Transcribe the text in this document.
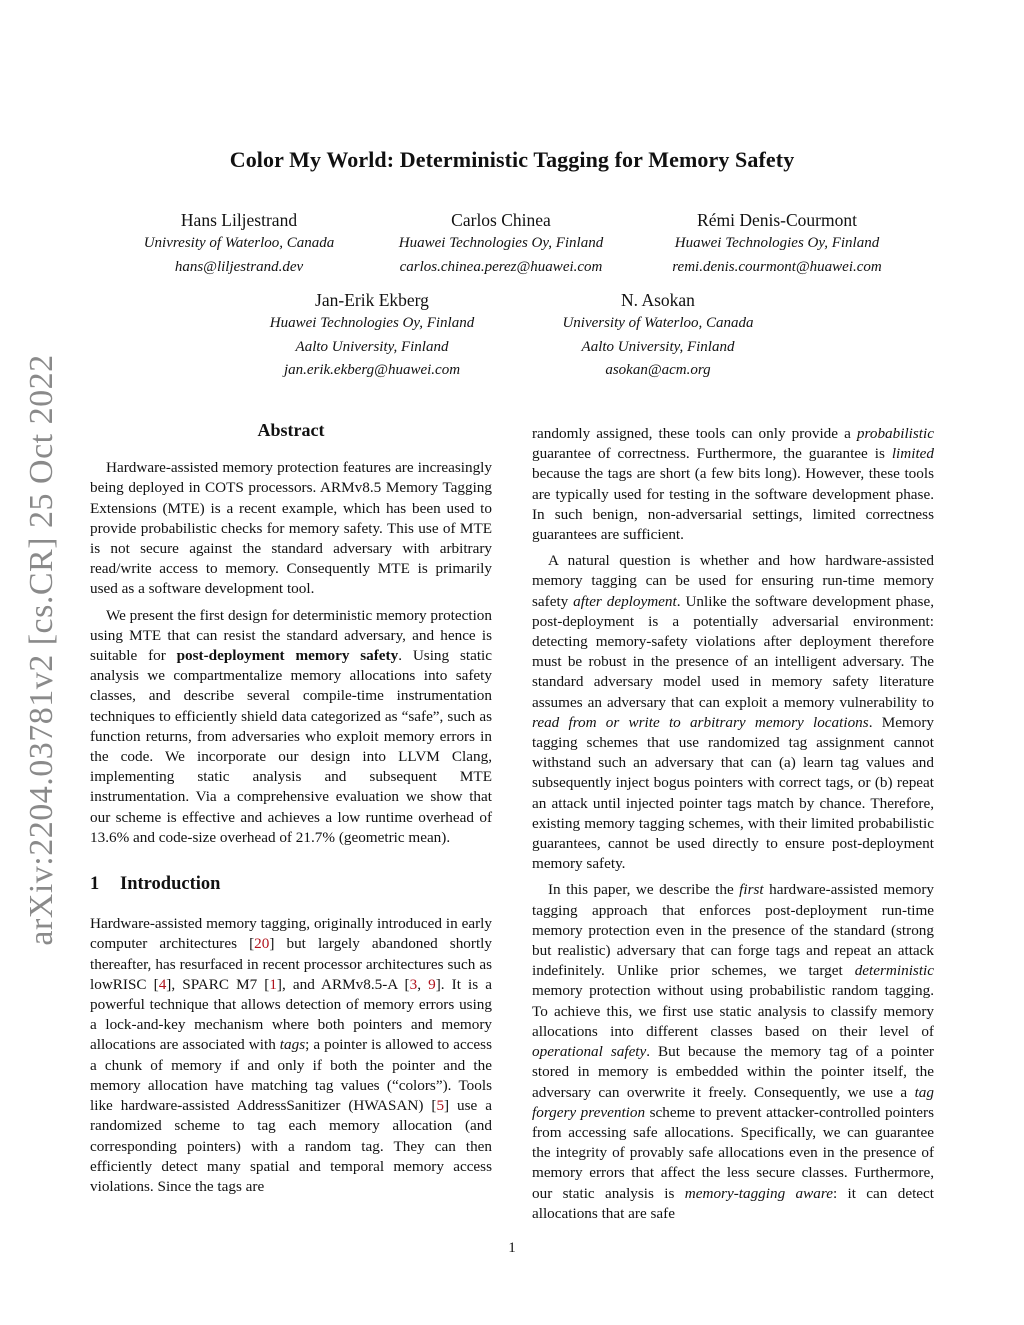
Color My World: Deterministic Tagging for Memory Safety
Hans Liljestrand
Univresity of Waterloo, Canada
hans@liljestrand.dev
Carlos Chinea
Huawei Technologies Oy, Finland
carlos.chinea.perez@huawei.com
Rémi Denis-Courmont
Huawei Technologies Oy, Finland
remi.denis.courmont@huawei.com
Jan-Erik Ekberg
Huawei Technologies Oy, Finland
Aalto University, Finland
jan.erik.ekberg@huawei.com
N. Asokan
University of Waterloo, Canada
Aalto University, Finland
asokan@acm.org
arXiv:2204.03781v2 [cs.CR] 25 Oct 2022	Abstract

Hardware-assisted memory protection features are increasingly being deployed in COTS processors. ARMv8.5 Memory Tagging Extensions (MTE) is a recent example, which has been used to provide probabilistic checks for memory safety. This use of MTE is not secure against the standard adversary with arbitrary read/write access to memory. Consequently MTE is primarily used as a software development tool.

We present the first design for deterministic memory protection using MTE that can resist the standard adversary, and hence is suitable for post-deployment memory safety. Using static analysis we compartmentalize memory allocations into safety classes, and describe several compile-time instrumentation techniques to efficiently shield data categorized as “safe”, such as function returns, from adversaries who exploit memory errors in the code. We incorporate our design into LLVM Clang, implementing static analysis and subsequent MTE instrumentation. Via a comprehensive evaluation we show that our scheme is effective and achieves a low runtime overhead of 13.6% and code-size overhead of 21.7% (geometric mean).

1 Introduction

Hardware-assisted memory tagging, originally introduced in early computer architectures [20] but largely abandoned shortly thereafter, has resurfaced in recent processor architectures such as lowRISC [4], SPARC M7 [1], and ARMv8.5-A [3, 9]. It is a powerful technique that allows detection of memory errors using a lock-and-key mechanism where both pointers and memory allocations are associated with tags; a pointer is allowed to access a chunk of memory if and only if both the pointer and the memory allocation have matching tag values (“colors”). Tools like hardware-assisted AddressSanitizer (HWASAN) [5] use a randomized scheme to tag each memory allocation (and corresponding pointers) with a random tag. They can then efficiently detect many spatial and temporal memory access violations. Since the tags are

randomly assigned, these tools can only provide a probabilistic guarantee of correctness. Furthermore, the guarantee is limited because the tags are short (a few bits long). However, these tools are typically used for testing in the software development phase. In such benign, non-adversarial settings, limited correctness guarantees are sufficient.

A natural question is whether and how hardware-assisted memory tagging can be used for ensuring run-time memory safety after deployment. Unlike the software development phase, post-deployment is a potentially adversarial environment: detecting memory-safety violations after deployment therefore must be robust in the presence of an intelligent adversary. The standard adversary model used in memory safety literature assumes an adversary that can exploit a memory vulnerability to read from or write to arbitrary memory locations. Memory tagging schemes that use randomized tag assignment cannot withstand such an adversary that can (a) learn tag values and subsequently inject bogus pointers with correct tags, or (b) repeat an attack until injected pointer tags match by chance. Therefore, existing memory tagging schemes, with their limited probabilistic guarantees, cannot be used directly to ensure post-deployment memory safety.

In this paper, we describe the first hardware-assisted memory tagging approach that enforces post-deployment run-time memory protection even in the presence of the standard (strong but realistic) adversary that can forge tags and repeat an attack indefinitely. Unlike prior schemes, we target deterministic memory protection without using probabilistic random tagging. To achieve this, we first use static analysis to classify memory allocations into different classes based on their level of operational safety. But because the memory tag of a pointer stored in memory is embedded within the pointer itself, the adversary can overwrite it freely. Consequently, we use a tag forgery prevention scheme to prevent attacker-controlled pointers from accessing safe allocations. Specifically, we can guarantee the integrity of provably safe allocations even in the presence of memory errors that affect the less secure classes. Furthermore, our static analysis is memory-tagging aware: it can detect allocations that are safe

1
